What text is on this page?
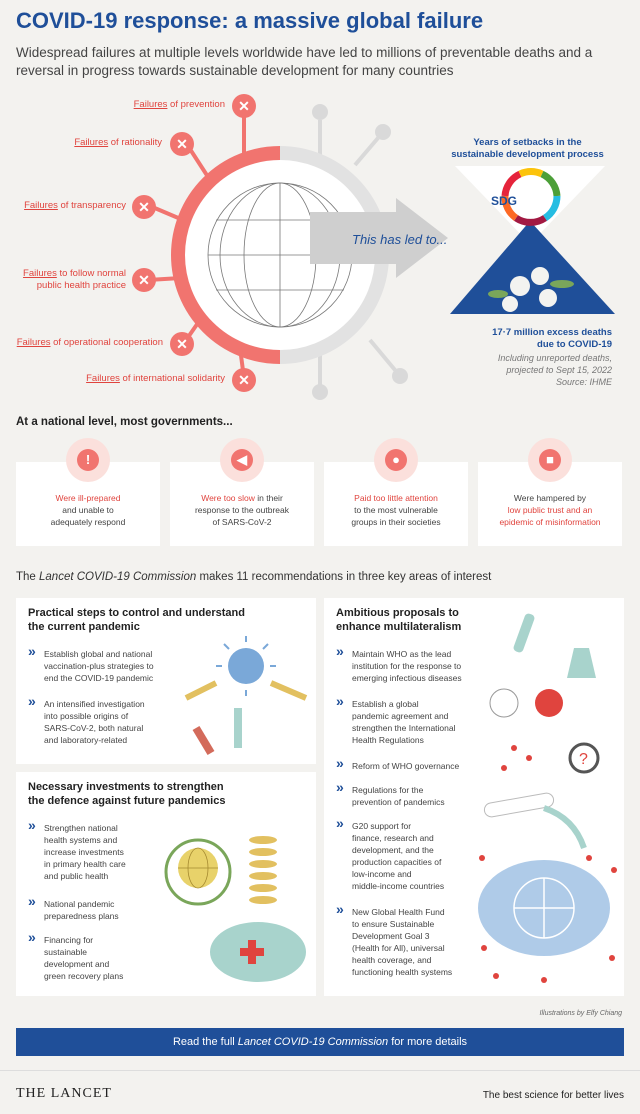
COVID-19 response: a massive global failure
Widespread failures at multiple levels worldwide have led to millions of preventable deaths and a reversal in progress towards sustainable development for many countries
Failures of prevention ✕
Failures of rationality	✕
Failures of transparency ✕
Failures to follow normal
public health practice ✕
Failures of operational cooperation ✕
Failures of international solidarity ✕
This has led to...
Years of setbacks in the
sustainable development process
SDG
17·7 million excess deaths
due to COVID-19
Including unreported deaths,
projected to Sept 15, 2022
Source: IHME
At a national level, most governments...
!
Were ill-prepared
and unable to
adequately respond
◀
Were too slow in their
response to the outbreak
of SARS-CoV-2
●
Paid too little attention
to the most vulnerable
groups in their societies
■
Were hampered by
low public trust and an
epidemic of misinformation
The Lancet COVID-19 Commission makes 11 recommendations in three key areas of interest
Practical steps to control and understand
the current pandemic
» Establish global and national
vaccination-plus strategies to
end the COVID-19 pandemic
» An intensified investigation
into possible origins of
SARS-CoV-2, both natural
and laboratory-related
Necessary investments to strengthen
the defence against future pandemics
» Strengthen national
health systems and
increase investments
in primary health care
and public health
» National pandemic
preparedness plans
» Financing for
sustainable
development and
green recovery plans
Ambitious proposals to
enhance multilateralism
» Maintain WHO as the lead
institution for the response to
emerging infectious diseases
» Establish a global
pandemic agreement and
strengthen the International
Health Regulations
» Reform of WHO governance
» Regulations for the
prevention of pandemics
» G20 support for
finance, research and
development, and the
production capacities of
low-income and
middle-income countries
» New Global Health Fund
to ensure Sustainable
Development Goal 3
(Health for All), universal
health coverage, and
functioning health systems
?
Illustrations by Elfy Chiang
Read the full Lancet COVID-19 Commission for more details
THE LANCET	The best science for better lives
